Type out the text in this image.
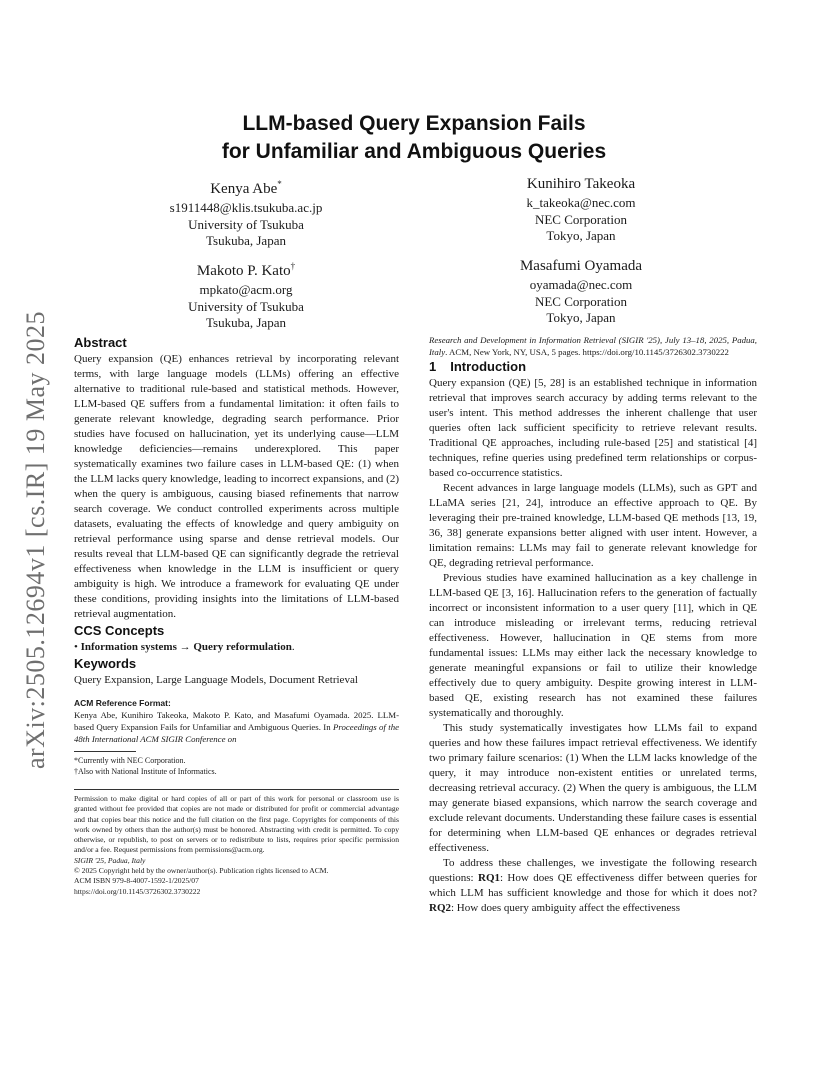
arXiv:2505.12694v1 [cs.IR] 19 May 2025
LLM-based Query Expansion Fails
for Unfamiliar and Ambiguous Queries
Kenya Abe*
s1911448@klis.tsukuba.ac.jp
University of Tsukuba
Tsukuba, Japan
Kunihiro Takeoka
k_takeoka@nec.com
NEC Corporation
Tokyo, Japan
Makoto P. Kato†
mpkato@acm.org
University of Tsukuba
Tsukuba, Japan
Masafumi Oyamada
oyamada@nec.com
NEC Corporation
Tokyo, Japan
Abstract

Query expansion (QE) enhances retrieval by incorporating relevant terms, with large language models (LLMs) offering an effective alternative to traditional rule-based and statistical methods. However, LLM-based QE suffers from a fundamental limitation: it often fails to generate relevant knowledge, degrading search performance. Prior studies have focused on hallucination, yet its underlying cause—LLM knowledge deficiencies—remains underexplored. This paper systematically examines two failure cases in LLM-based QE: (1) when the LLM lacks query knowledge, leading to incorrect expansions, and (2) when the query is ambiguous, causing biased refinements that narrow search coverage. We conduct controlled experiments across multiple datasets, evaluating the effects of knowledge and query ambiguity on retrieval performance using sparse and dense retrieval models. Our results reveal that LLM-based QE can significantly degrade the retrieval effectiveness when knowledge in the LLM is insufficient or query ambiguity is high. We introduce a framework for evaluating QE under these conditions, providing insights into the limitations of LLM-based retrieval augmentation.

CCS Concepts
• Information systems → Query reformulation.
Keywords

Query Expansion, Large Language Models, Document Retrieval

ACM Reference Format:

Kenya Abe, Kunihiro Takeoka, Makoto P. Kato, and Masafumi Oyamada. 2025. LLM-based Query Expansion Fails for Unfamiliar and Ambiguous Queries. In Proceedings of the 48th International ACM SIGIR Conference on

*Currently with NEC Corporation.
†Also with National Institute of Informatics.

Permission to make digital or hard copies of all or part of this work for personal or classroom use is granted without fee provided that copies are not made or distributed for profit or commercial advantage and that copies bear this notice and the full citation on the first page. Copyrights for components of this work owned by others than the author(s) must be honored. Abstracting with credit is permitted. To copy otherwise, or republish, to post on servers or to redistribute to lists, requires prior specific permission and/or a fee. Request permissions from permissions@acm.org.

SIGIR '25, Padua, Italy

© 2025 Copyright held by the owner/author(s). Publication rights licensed to ACM.

ACM ISBN 979-8-4007-1592-1/2025/07

https://doi.org/10.1145/3726302.3730222

Research and Development in Information Retrieval (SIGIR '25), July 13–18, 2025, Padua, Italy. ACM, New York, NY, USA, 5 pages. https://doi.org/10.1145/3726302.3730222

1 Introduction

Query expansion (QE) [5, 28] is an established technique in information retrieval that improves search accuracy by adding terms relevant to the user's intent. This method addresses the inherent challenge that user queries often lack sufficient specificity to retrieve relevant results. Traditional QE approaches, including rule-based [25] and statistical [4] techniques, refine queries using predefined term relationships or corpus-based co-occurrence statistics.

Recent advances in large language models (LLMs), such as GPT and LLaMA series [21, 24], introduce an effective approach to QE. By leveraging their pre-trained knowledge, LLM-based QE methods [13, 19, 36, 38] generate expansions better aligned with user intent. However, a limitation remains: LLMs may fail to generate relevant knowledge for QE, degrading retrieval performance.

Previous studies have examined hallucination as a key challenge in LLM-based QE [3, 16]. Hallucination refers to the generation of factually incorrect or inconsistent information to a user query [11], which in QE can introduce misleading or irrelevant terms, reducing retrieval effectiveness. However, hallucination in QE stems from more fundamental issues: LLMs may either lack the necessary knowledge to generate meaningful expansions or fail to utilize their knowledge effectively due to query ambiguity. Despite growing interest in LLM-based QE, existing research has not examined these failures systematically and thoroughly.

This study systematically investigates how LLMs fail to expand queries and how these failures impact retrieval effectiveness. We identify two primary failure scenarios: (1) When the LLM lacks knowledge of the query, it may introduce non-existent entities or unrelated terms, decreasing retrieval accuracy. (2) When the query is ambiguous, the LLM may generate biased expansions, which narrow the search coverage and exclude relevant documents. Understanding these failure cases is essential for determining when LLM-based QE enhances or degrades retrieval effectiveness.

To address these challenges, we investigate the following research questions: RQ1: How does QE effectiveness differ between queries for which LLM has sufficient knowledge and those for which it does not? RQ2: How does query ambiguity affect the effectiveness
